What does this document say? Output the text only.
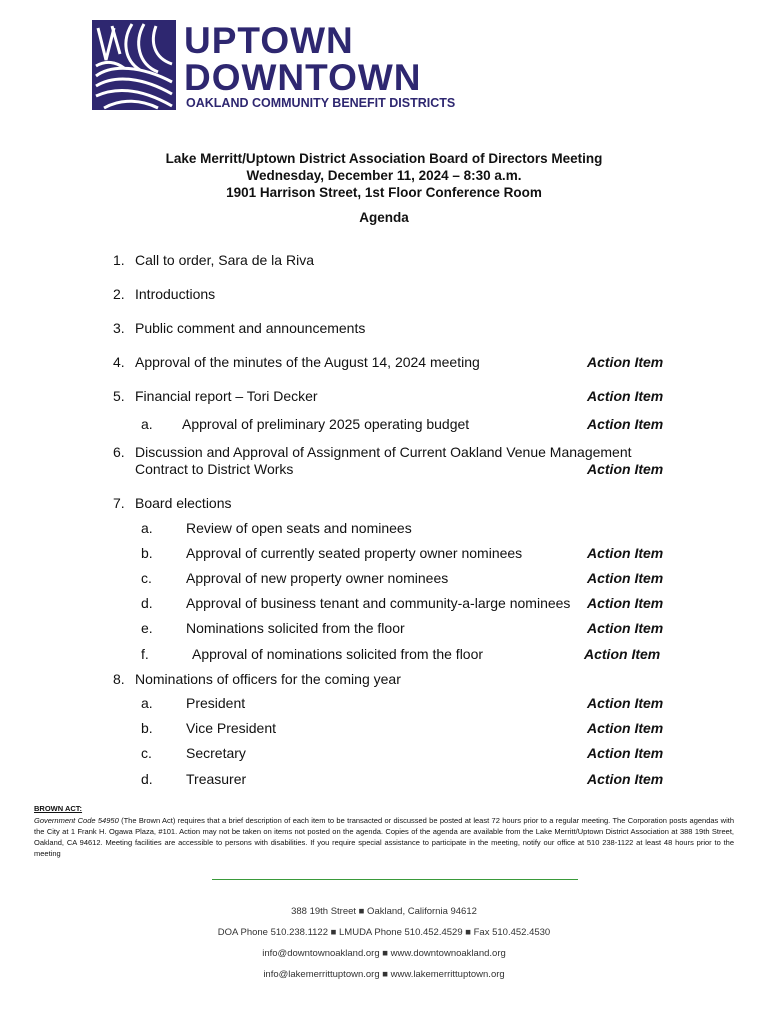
UPTOWN
DOWNTOWN
OAKLAND COMMUNITY BENEFIT DISTRICTS
Lake Merritt/Uptown District Association Board of Directors Meeting
Wednesday, December 11, 2024 – 8:30 a.m.
1901 Harrison Street, 1st Floor Conference Room
Agenda
1. Call to order, Sara de la Riva
2. Introductions
3. Public comment and announcements
4. Approval of the minutes of the August 14, 2024 meeting	Action Item
5. Financial report – Tori Decker	Action Item
a. Approval of preliminary 2025 operating budget	Action Item
6. Discussion and Approval of Assignment of Current Oakland Venue Management
Contract to District Works	Action Item
7. Board elections
a. Review of open seats and nominees
b. Approval of currently seated property owner nominees	Action Item
c. Approval of new property owner nominees	Action Item
d. Approval of business tenant and community-a-large nominees Action Item
e. Nominations solicited from the floor	Action Item
f.	Approval of nominations solicited from the floor	Action Item
8. Nominations of officers for the coming year
a. President	Action Item
b. Vice President	Action Item
c. Secretary	Action Item
d. Treasurer	Action Item
BROWN ACT:
Government Code 54950 (The Brown Act) requires that a brief description of each item to be transacted or discussed be posted at least 72 hours prior to a regular meeting. The Corporation posts agendas with the City at 1 Frank H. Ogawa Plaza, #101. Action may not be taken on items not posted on the agenda. Copies of the agenda are available from the Lake Merritt/Uptown District Association at 388 19th Street, Oakland, CA 94612. Meeting facilities are accessible to persons with disabilities. If you require special assistance to participate in the meeting, notify our office at 510 238-1122 at least 48 hours prior to the meeting
388 19th Street ■ Oakland, California 94612
DOA Phone 510.238.1122 ■ LMUDA Phone 510.452.4529 ■ Fax 510.452.4530
info@downtownoakland.org ■ www.downtownoakland.org
info@lakemerrittuptown.org ■ www.lakemerrittuptown.org
